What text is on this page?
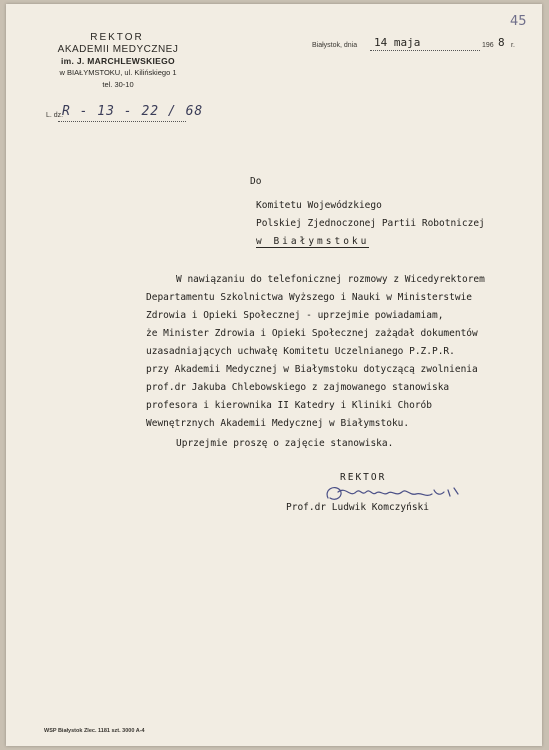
45
REKTOR
AKADEMII MEDYCZNEJ
im. J. MARCHLEWSKIEGO
w BIAŁYMSTOKU, ul. Kilińskiego 1
tel. 30-10
L. dz.
R - 13 - 22 / 68
Białystok, dnia 14 maja	196 8 r.
Do
Komitetu Wojewódzkiego
Polskiej Zjednoczonej Partii Robotniczej
w Białymstoku
W nawiązaniu do telefonicznej rozmowy z Wicedyrektorem
Departamentu Szkolnictwa Wyższego i Nauki w Ministerstwie
Zdrowia i Opieki Społecznej - uprzejmie powiadamiam,
że Minister Zdrowia i Opieki Społecznej zażądał dokumentów
uzasadniających uchwałę Komitetu Uczelnianego P.Z.P.R.
przy Akademii Medycznej w Białymstoku dotyczącą zwolnienia
prof.dr Jakuba Chlebowskiego z zajmowanego stanowiska
profesora i kierownika II Katedry i Kliniki Chorób
Wewnętrznych Akademii Medycznej w Białymstoku.
Uprzejmie proszę o zajęcie stanowiska.
REKTOR
Prof.dr Ludwik Komczyński
WSP Białystok Zlec. 1181 szt. 3000 A-4
